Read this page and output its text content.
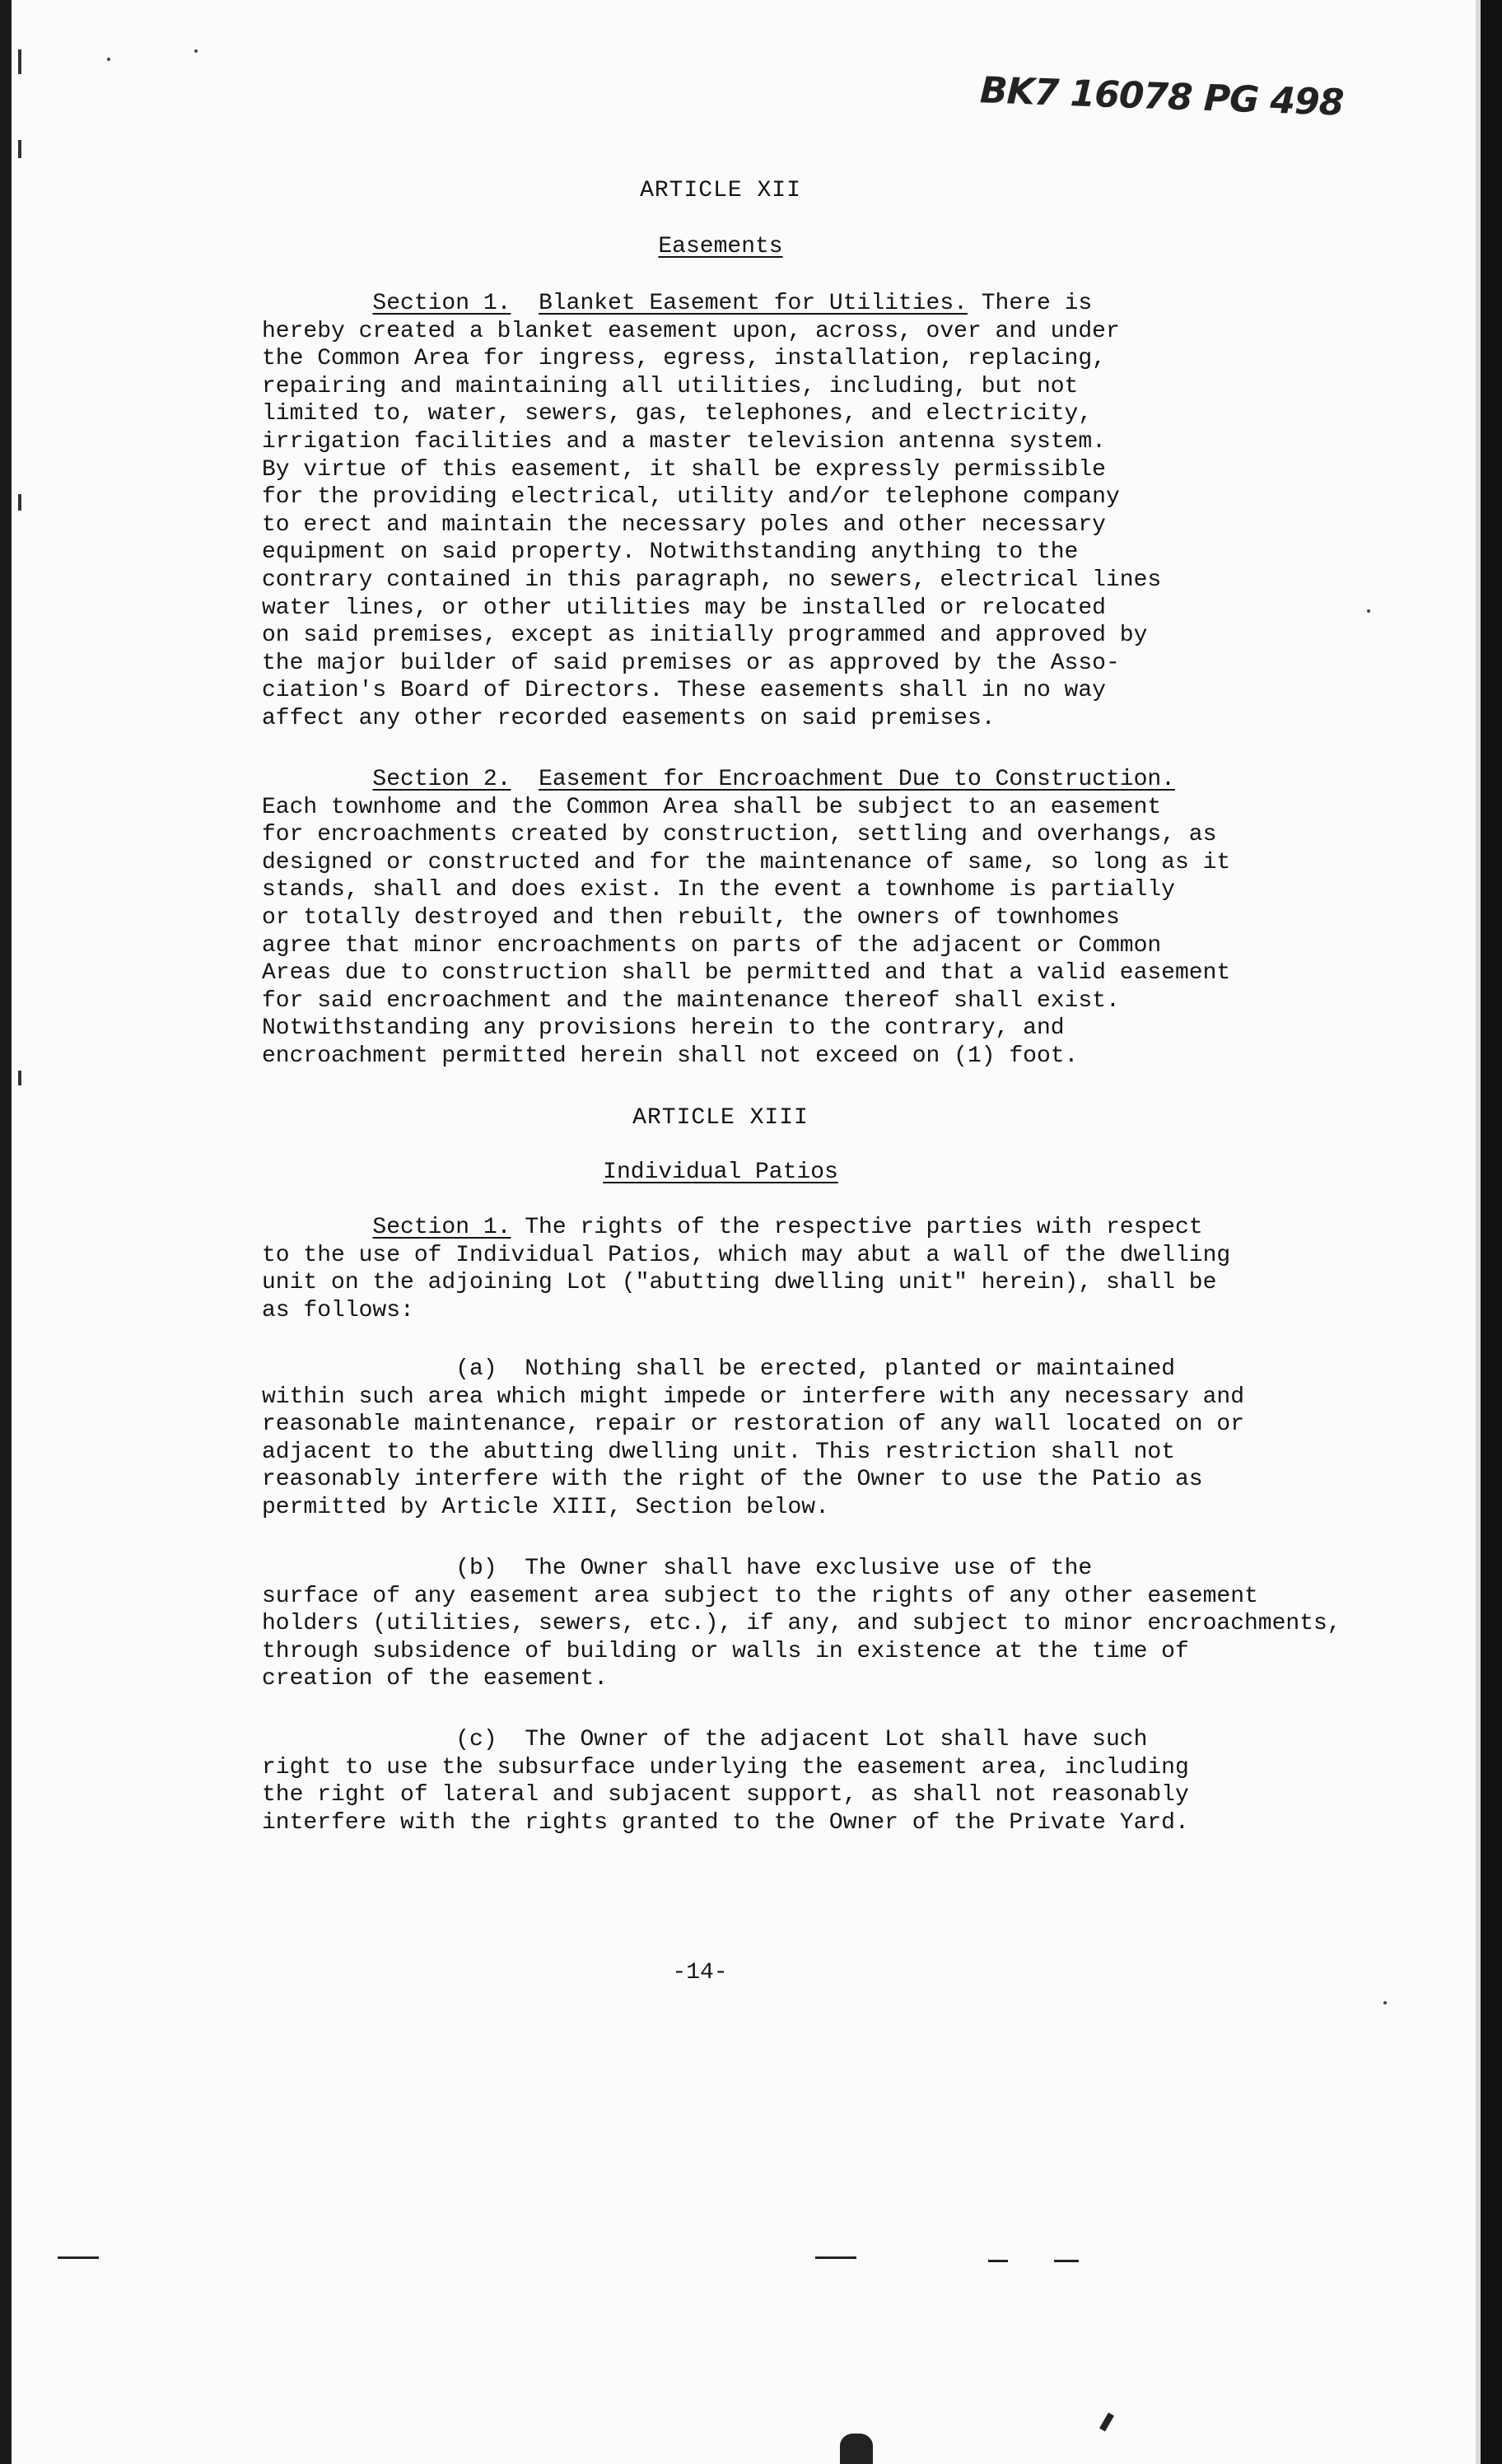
BK7 16078 PG 498
ARTICLE XII
Easements
Section 1. Blanket Easement for Utilities. There is
hereby created a blanket easement upon, across, over and under
the Common Area for ingress, egress, installation, replacing,
repairing and maintaining all utilities, including, but not
limited to, water, sewers, gas, telephones, and electricity,
irrigation facilities and a master television antenna system.
By virtue of this easement, it shall be expressly permissible
for the providing electrical, utility and/or telephone company
to erect and maintain the necessary poles and other necessary
equipment on said property. Notwithstanding anything to the
contrary contained in this paragraph, no sewers, electrical lines
water lines, or other utilities may be installed or relocated
on said premises, except as initially programmed and approved by
the major builder of said premises or as approved by the Asso-
ciation's Board of Directors. These easements shall in no way
affect any other recorded easements on said premises.
Section 2. Easement for Encroachment Due to Construction.
Each townhome and the Common Area shall be subject to an easement
for encroachments created by construction, settling and overhangs, as
designed or constructed and for the maintenance of same, so long as it
stands, shall and does exist. In the event a townhome is partially
or totally destroyed and then rebuilt, the owners of townhomes
agree that minor encroachments on parts of the adjacent or Common
Areas due to construction shall be permitted and that a valid easement
for said encroachment and the maintenance thereof shall exist.
Notwithstanding any provisions herein to the contrary, and
encroachment permitted herein shall not exceed on (1) foot.
ARTICLE XIII
Individual Patios
Section 1. The rights of the respective parties with respect
to the use of Individual Patios, which may abut a wall of the dwelling
unit on the adjoining Lot ("abutting dwelling unit" herein), shall be
as follows:
(a)  Nothing shall be erected, planted or maintained
within such area which might impede or interfere with any necessary and
reasonable maintenance, repair or restoration of any wall located on or
adjacent to the abutting dwelling unit. This restriction shall not
reasonably interfere with the right of the Owner to use the Patio as
permitted by Article XIII, Section below.
(b)  The Owner shall have exclusive use of the
surface of any easement area subject to the rights of any other easement
holders (utilities, sewers, etc.), if any, and subject to minor encroachments,
through subsidence of building or walls in existence at the time of
creation of the easement.
(c)  The Owner of the adjacent Lot shall have such
right to use the subsurface underlying the easement area, including
the right of lateral and subjacent support, as shall not reasonably
interfere with the rights granted to the Owner of the Private Yard.
-14-
